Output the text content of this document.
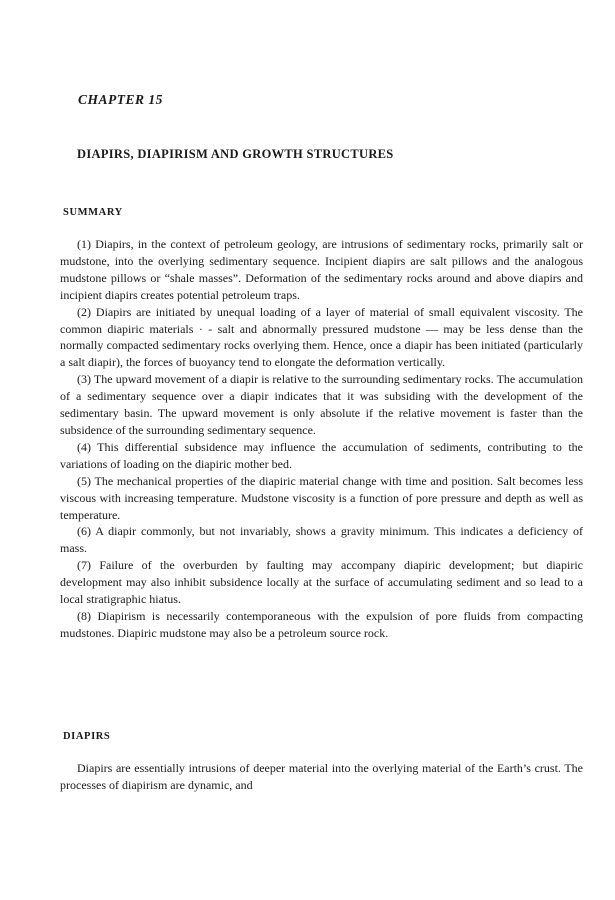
CHAPTER 15
DIAPIRS, DIAPIRISM AND GROWTH STRUCTURES
SUMMARY

(1) Diapirs, in the context of petroleum geology, are intrusions of sedimentary rocks, primarily salt or mudstone, into the overlying sedimentary sequence. Incipient diapirs are salt pillows and the analogous mudstone pillows or “shale masses”. Deformation of the sedimentary rocks around and above diapirs and incipient diapirs creates potential petroleum traps.

(2) Diapirs are initiated by unequal loading of a layer of material of small equivalent viscosity. The common diapiric materials · - salt and abnormally pressured mudstone — may be less dense than the normally compacted sedimentary rocks overlying them. Hence, once a diapir has been initiated (particularly a salt diapir), the forces of buoyancy tend to elongate the deformation vertically.

(3) The upward movement of a diapir is relative to the surrounding sedimentary rocks. The accumulation of a sedimentary sequence over a diapir indicates that it was subsiding with the development of the sedimentary basin. The upward movement is only absolute if the relative movement is faster than the subsidence of the surrounding sedimentary sequence.

(4) This differential subsidence may influence the accumulation of sediments, contributing to the variations of loading on the diapiric mother bed.

(5) The mechanical properties of the diapiric material change with time and position. Salt becomes less viscous with increasing temperature. Mudstone viscosity is a function of pore pressure and depth as well as temperature.

(6) A diapir commonly, but not invariably, shows a gravity minimum. This indicates a deficiency of mass.

(7) Failure of the overburden by faulting may accompany diapiric development; but diapiric development may also inhibit subsidence locally at the surface of accumulating sediment and so lead to a local stratigraphic hiatus.

(8) Diapirism is necessarily contemporaneous with the expulsion of pore fluids from compacting mudstones. Diapiric mudstone may also be a petroleum source rock.

DIAPIRS

Diapirs are essentially intrusions of deeper material into the overlying material of the Earth’s crust. The processes of diapirism are dynamic, and
